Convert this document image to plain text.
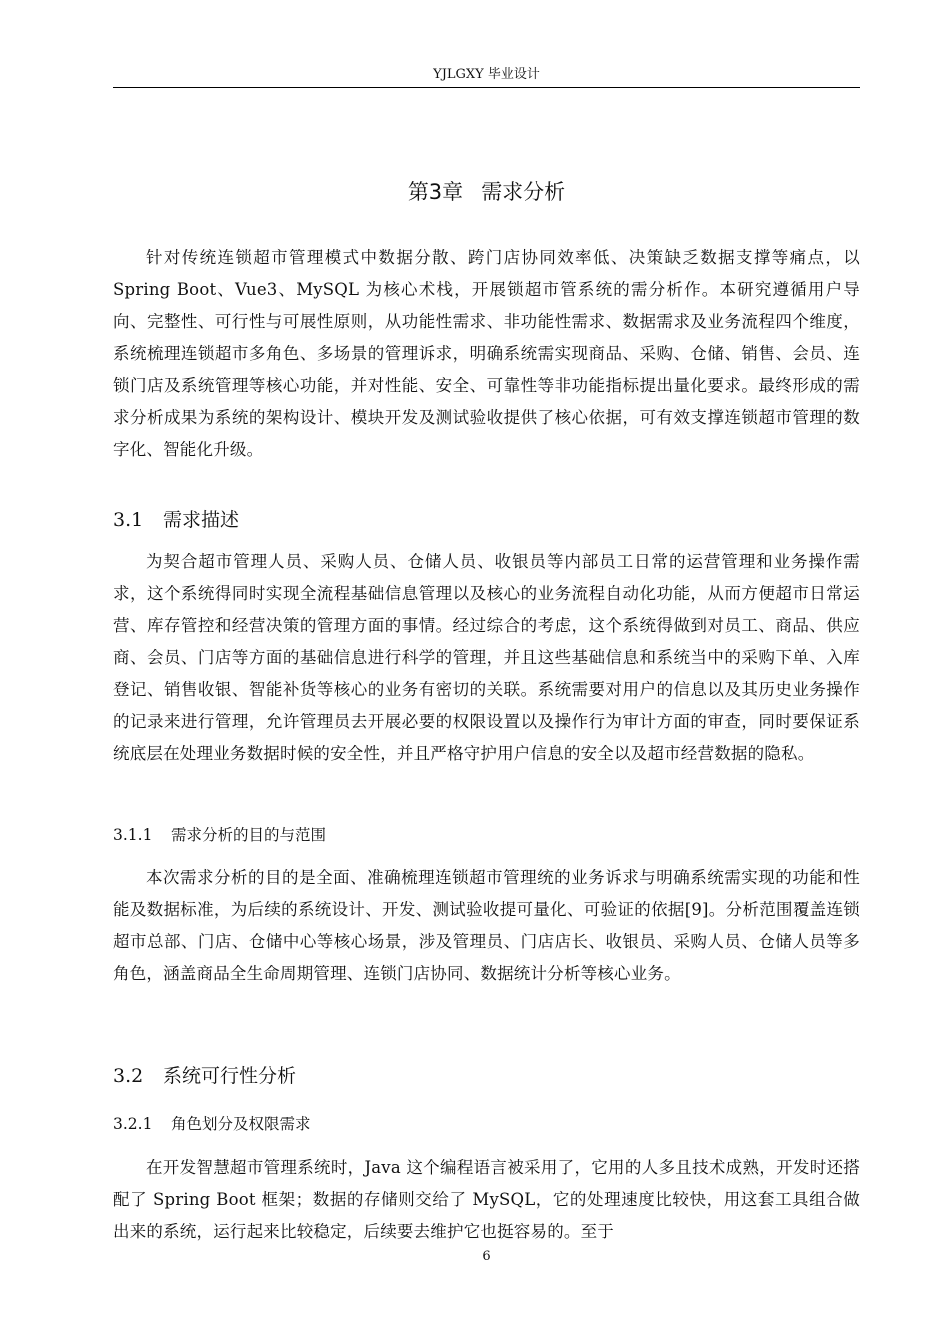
YJLGXY 毕业设计
第3章 需求分析

针对传统连锁超市管理模式中数据分散、跨门店协同效率低、决策缺乏数据支撑等痛点，以 Spring Boot、Vue3、MySQL 为核心术栈，开展锁超市管系统的需分析作。本研究遵循用户导向、完整性、可行性与可展性原则，从功能性需求、非功能性需求、数据需求及业务流程四个维度，系统梳理连锁超市多角色、多场景的管理诉求，明确系统需实现商品、采购、仓储、销售、会员、连锁门店及系统管理等核心功能，并对性能、安全、可靠性等非功能指标提出量化要求。最终形成的需求分析成果为系统的架构设计、模块开发及测试验收提供了核心依据，可有效支撑连锁超市管理的数字化、智能化升级。

3.1 需求描述

为契合超市管理人员、采购人员、仓储人员、收银员等内部员工日常的运营管理和业务操作需求，这个系统得同时实现全流程基础信息管理以及核心的业务流程自动化功能，从而方便超市日常运营、库存管控和经营决策的管理方面的事情。经过综合的考虑，这个系统得做到对员工、商品、供应商、会员、门店等方面的基础信息进行科学的管理，并且这些基础信息和系统当中的采购下单、入库登记、销售收银、智能补货等核心的业务有密切的关联。系统需要对用户的信息以及其历史业务操作的记录来进行管理，允许管理员去开展必要的权限设置以及操作行为审计方面的审查，同时要保证系统底层在处理业务数据时候的安全性，并且严格守护用户信息的安全以及超市经营数据的隐私。

3.1.1 需求分析的目的与范围

本次需求分析的目的是全面、准确梳理连锁超市管理统的业务诉求与明确系统需实现的功能和性能及数据标准，为后续的系统设计、开发、测试验收提可量化、可验证的依据[9]。分析范围覆盖连锁超市总部、门店、仓储中心等核心场景，涉及管理员、门店店长、收银员、采购人员、仓储人员等多角色，涵盖商品全生命周期管理、连锁门店协同、数据统计分析等核心业务。

3.2 系统可行性分析
3.2.1 角色划分及权限需求

在开发智慧超市管理系统时，Java 这个编程语言被采用了，它用的人多且技术成熟，开发时还搭配了 Spring Boot 框架；数据的存储则交给了 MySQL，它的处理速度比较快，用这套工具组合做出来的系统，运行起来比较稳定，后续要去维护它也挺容易的。至于

6
